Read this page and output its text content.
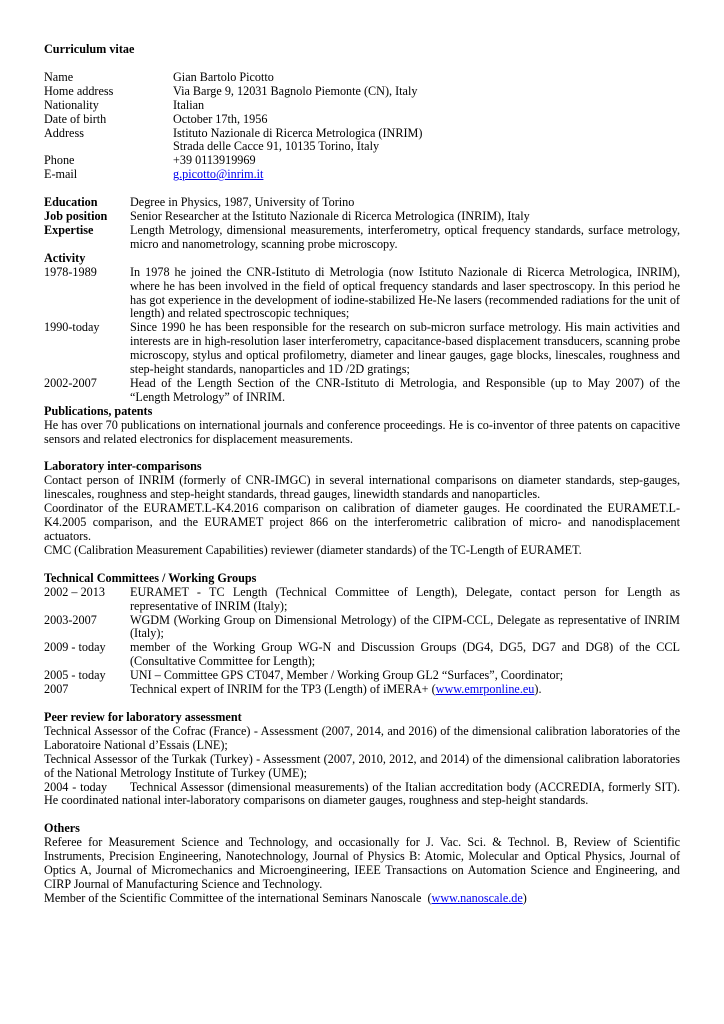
Curriculum vitae
Name	Gian Bartolo Picotto
Home address	Via Barge 9, 12031 Bagnolo Piemonte (CN), Italy
Nationality	Italian
Date of birth	October 17th, 1956
Address	Istituto Nazionale di Ricerca Metrologica (INRIM)
Strada delle Cacce 91, 10135 Torino, Italy
Phone	+39 0113919969
E-mail	g.picotto@inrim.it
Education	Degree in Physics, 1987, University of Torino
Job position	Senior Researcher at the Istituto Nazionale di Ricerca Metrologica (INRIM), Italy
Expertise	Length Metrology, dimensional measurements, interferometry, optical frequency standards, surface metrology, micro and nanometrology, scanning probe microscopy.
Activity
1978-1989	In 1978 he joined the CNR-Istituto di Metrologia (now Istituto Nazionale di Ricerca Metrologica, INRIM), where he has been involved in the field of optical frequency standards and laser spectroscopy. In this period he has got experience in the development of iodine-stabilized He-Ne lasers (recommended radiations for the unit of length) and related spectroscopic techniques;
1990-today	Since 1990 he has been responsible for the research on sub-micron surface metrology. His main activities and interests are in high-resolution laser interferometry, capacitance-based displacement transducers, scanning probe microscopy, stylus and optical profilometry, diameter and linear gauges, gage blocks, linescales, roughness and step-height standards, nanoparticles and 1D /2D gratings;
2002-2007	Head of the Length Section of the CNR-Istituto di Metrologia, and Responsible (up to May 2007) of the “Length Metrology” of INRIM.
Publications, patents
He has over 70 publications on international journals and conference proceedings. He is co-inventor of three patents on capacitive sensors and related electronics for displacement measurements.
Laboratory inter-comparisons
Contact person of INRIM (formerly of CNR-IMGC) in several international comparisons on diameter standards, step-gauges, linescales, roughness and step-height standards, thread gauges, linewidth standards and nanoparticles.
Coordinator of the EURAMET.L-K4.2016 comparison on calibration of diameter gauges. He coordinated the EURAMET.L-K4.2005 comparison, and the EURAMET project 866 on the interferometric calibration of micro- and nanodisplacement actuators.
CMC (Calibration Measurement Capabilities) reviewer (diameter standards) of the TC-Length of EURAMET.
Technical Committees / Working Groups
2002 – 2013	EURAMET - TC Length (Technical Committee of Length), Delegate, contact person for Length as representative of INRIM (Italy);
2003-2007	WGDM (Working Group on Dimensional Metrology) of the CIPM-CCL, Delegate as representative of INRIM (Italy);
2009 - today	member of the Working Group WG-N and Discussion Groups (DG4, DG5, DG7 and DG8) of the CCL (Consultative Committee for Length);
2005 - today	UNI – Committee GPS CT047, Member / Working Group GL2 “Surfaces”, Coordinator;
2007	Technical expert of INRIM for the TP3 (Length) of iMERA+ (www.emrponline.eu).
Peer review for laboratory assessment
Technical Assessor of the Cofrac (France) - Assessment (2007, 2014, and 2016) of the dimensional calibration laboratories of the Laboratoire National d’Essais (LNE);
Technical Assessor of the Turkak (Turkey) - Assessment (2007, 2010, 2012, and 2014) of the dimensional calibration laboratories of the National Metrology Institute of Turkey (UME);
2004 - today      Technical Assessor (dimensional measurements) of the Italian accreditation body (ACCREDIA, formerly SIT). He coordinated national inter-laboratory comparisons on diameter gauges, roughness and step-height standards.
Others
Referee for Measurement Science and Technology, and occasionally for J. Vac. Sci. & Technol. B, Review of Scientific Instruments, Precision Engineering, Nanotechnology, Journal of Physics B: Atomic, Molecular and Optical Physics, Journal of Optics A, Journal of Micromechanics and Microengineering, IEEE Transactions on Automation Science and Engineering, and CIRP Journal of Manufacturing Science and Technology.
Member of the Scientific Committee of the international Seminars Nanoscale  (www.nanoscale.de)
